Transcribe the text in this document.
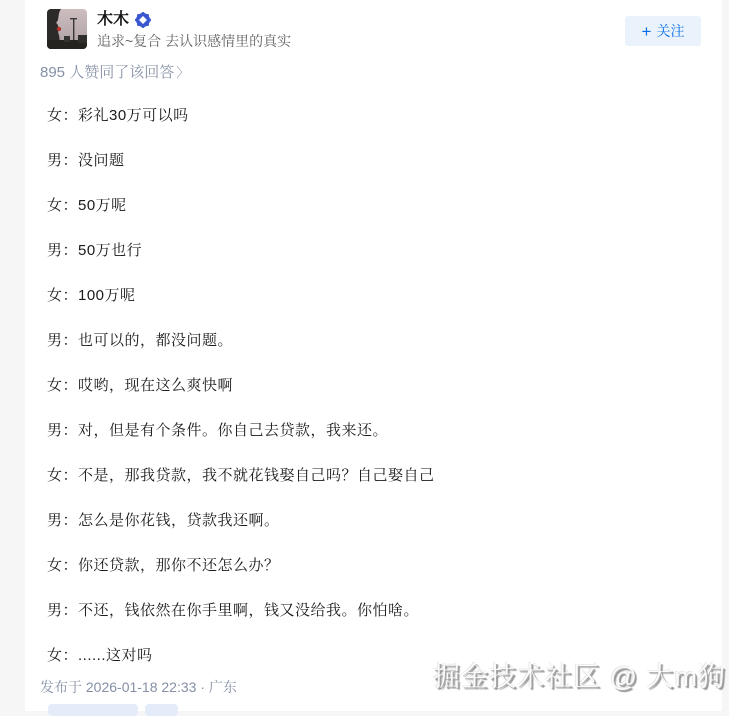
木木
追求~复合 去认识感情里的真实
+ 关注
895 人赞同了该回答 〉

女：彩礼30万可以吗

男：没问题

女：50万呢

男：50万也行

女：100万呢

男：也可以的，都没问题。

女：哎哟，现在这么爽快啊

男：对，但是有个条件。你自己去贷款，我来还。

女：不是，那我贷款，我不就花钱娶自己吗？自己娶自己

男：怎么是你花钱，贷款我还啊。

女：你还贷款，那你不还怎么办？

男：不还，钱依然在你手里啊，钱又没给我。你怕啥。

女：......这对吗

发布于 2026-01-18 22:33 · 广东	掘金技术社区 @ 大m狗
